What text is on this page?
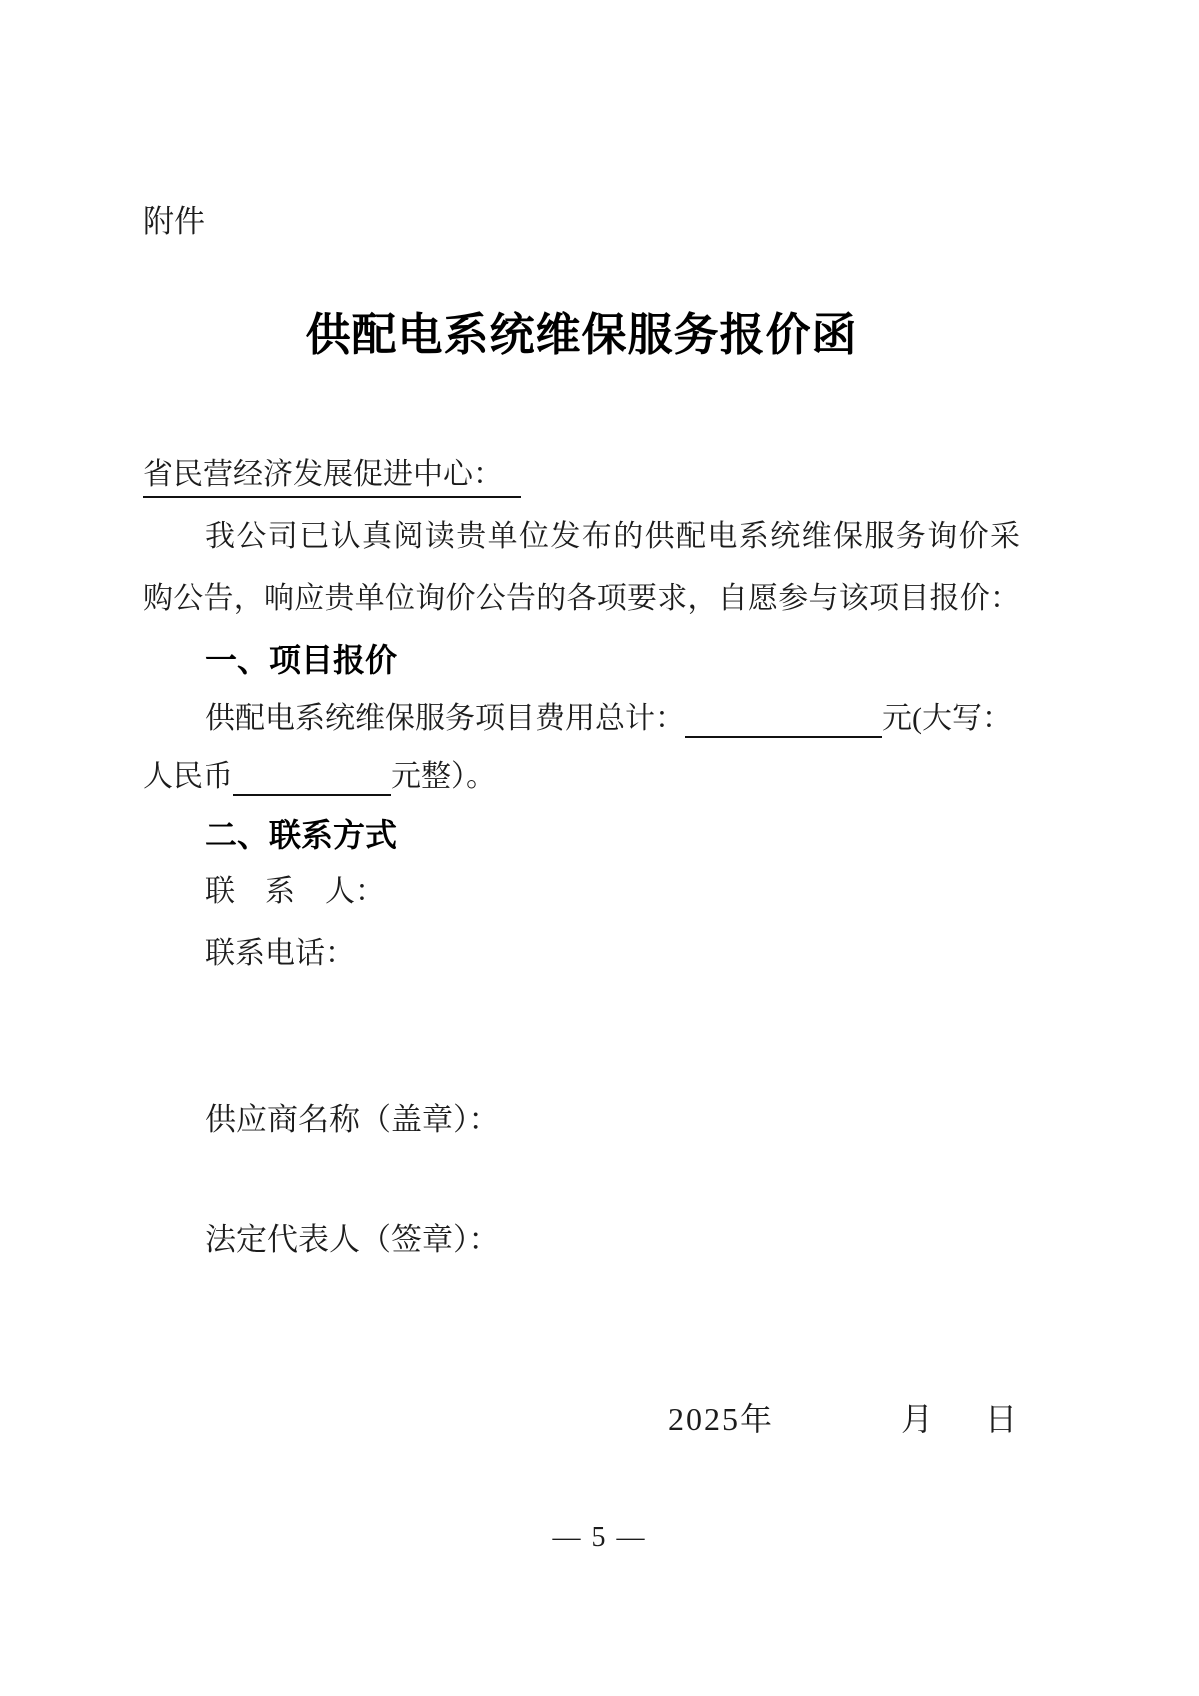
附件
供配电系统维保服务报价函
省民营经济发展促进中心：
我公司已认真阅读贵单位发布的供配电系统维保服务询价采
购公告，响应贵单位询价公告的各项要求，自愿参与该项目报价：
一、项目报价
供配电系统维保服务项目费用总计：	元(大写：
人民币	元整）。
二、联系方式
联　系　人：
联系电话：
供应商名称（盖章）：
法定代表人（签章）：
2025年	月 日
— 5 —
